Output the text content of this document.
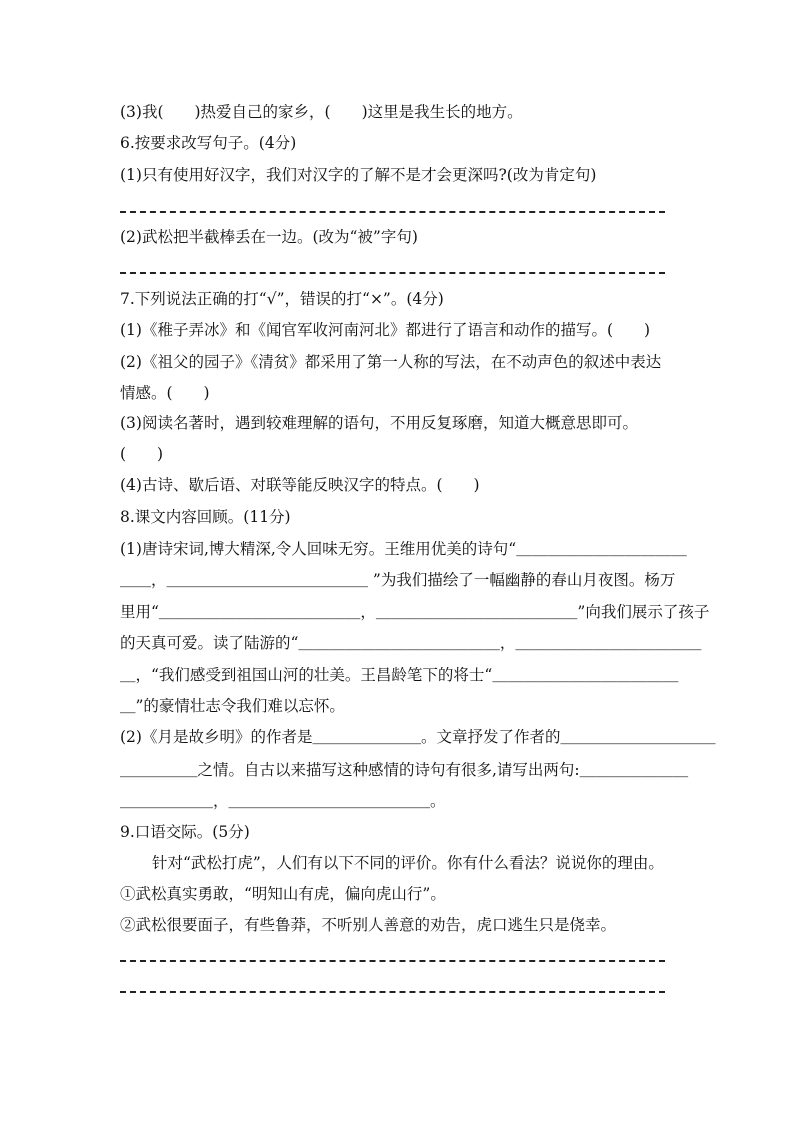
(3)我(　　)热爱自己的家乡，(　　)这里是我生长的地方。
6.按要求改写句子。(4分)
(1)只有使用好汉字，我们对汉字的了解不是才会更深吗?(改为肯定句)
(2)武松把半截棒丢在一边。(改为“被”字句)
7.下列说法正确的打“√”，错误的打“×”。(4分)
(1)《稚子弄冰》和《闻官军收河南河北》都进行了语言和动作的描写。(　　)
(2)《祖父的园子》《清贫》都采用了第一人称的写法，在不动声色的叙述中表达
情感。(　　)
(3)阅读名著时，遇到较难理解的语句，不用反复琢磨，知道大概意思即可。
(　　)
(4)古诗、歇后语、对联等能反映汉字的特点。(　　)
8.课文内容回顾。(11分)
(1)唐诗宋词,博大精深,令人回味无穷。王维用优美的诗句“＿＿＿＿＿＿＿＿＿＿＿
＿＿，＿＿＿＿＿＿＿＿＿＿＿＿＿ ”为我们描绘了一幅幽静的春山月夜图。杨万
里用“＿＿＿＿＿＿＿＿＿＿＿＿＿，＿＿＿＿＿＿＿＿＿＿＿＿＿”向我们展示了孩子
的天真可爱。读了陆游的“＿＿＿＿＿＿＿＿＿＿＿＿＿，＿＿＿＿＿＿＿＿＿＿＿＿
＿，“我们感受到祖国山河的壮美。王昌龄笔下的将士“＿＿＿＿＿＿＿＿＿＿＿＿
＿”的豪情壮志令我们难以忘怀。
(2)《月是故乡明》的作者是＿＿＿＿＿＿＿。文章抒发了作者的＿＿＿＿＿＿＿＿＿＿
＿＿＿＿＿之情。自古以来描写这种感情的诗句有很多,请写出两句:＿＿＿＿＿＿＿
＿＿＿＿＿＿，＿＿＿＿＿＿＿＿＿＿＿＿＿。
9.口语交际。(5分)
针对“武松打虎”，人们有以下不同的评价。你有什么看法？说说你的理由。
①武松真实勇敢，“明知山有虎，偏向虎山行”。
②武松很要面子，有些鲁莽，不听别人善意的劝告，虎口逃生只是侥幸。
